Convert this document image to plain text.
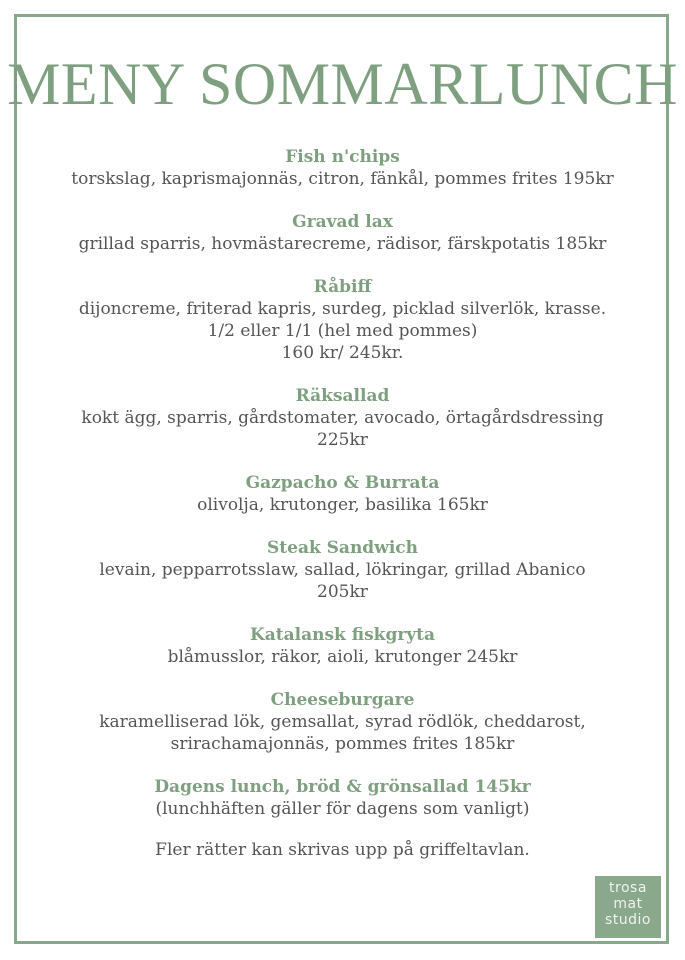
MENY SOMMARLUNCH
Fish n'chips
torskslag, kaprismajonnäs, citron, fänkål, pommes frites 195kr
Gravad lax
grillad sparris, hovmästarecreme, rädisor, färskpotatis 185kr
Råbiff
dijoncreme, friterad kapris, surdeg, picklad silverlök, krasse.
1/2 eller 1/1 (hel med pommes)
160 kr/ 245kr.
Räksallad
kokt ägg, sparris, gårdstomater, avocado, örtagårdsdressing
225kr
Gazpacho & Burrata
olivolja, krutonger, basilika 165kr
Steak Sandwich
levain, pepparrotsslaw, sallad, lökringar, grillad Abanico
205kr
Katalansk fiskgryta
blåmusslor, räkor, aioli, krutonger 245kr
Cheeseburgare
karamelliserad lök, gemsallat, syrad rödlök, cheddarost,
srirachamajonnäs, pommes frites 185kr
Dagens lunch, bröd & grönsallad 145kr
(lunchhäften gäller för dagens som vanligt)
Fler rätter kan skrivas upp på griffeltavlan.
trosa
mat
studio
